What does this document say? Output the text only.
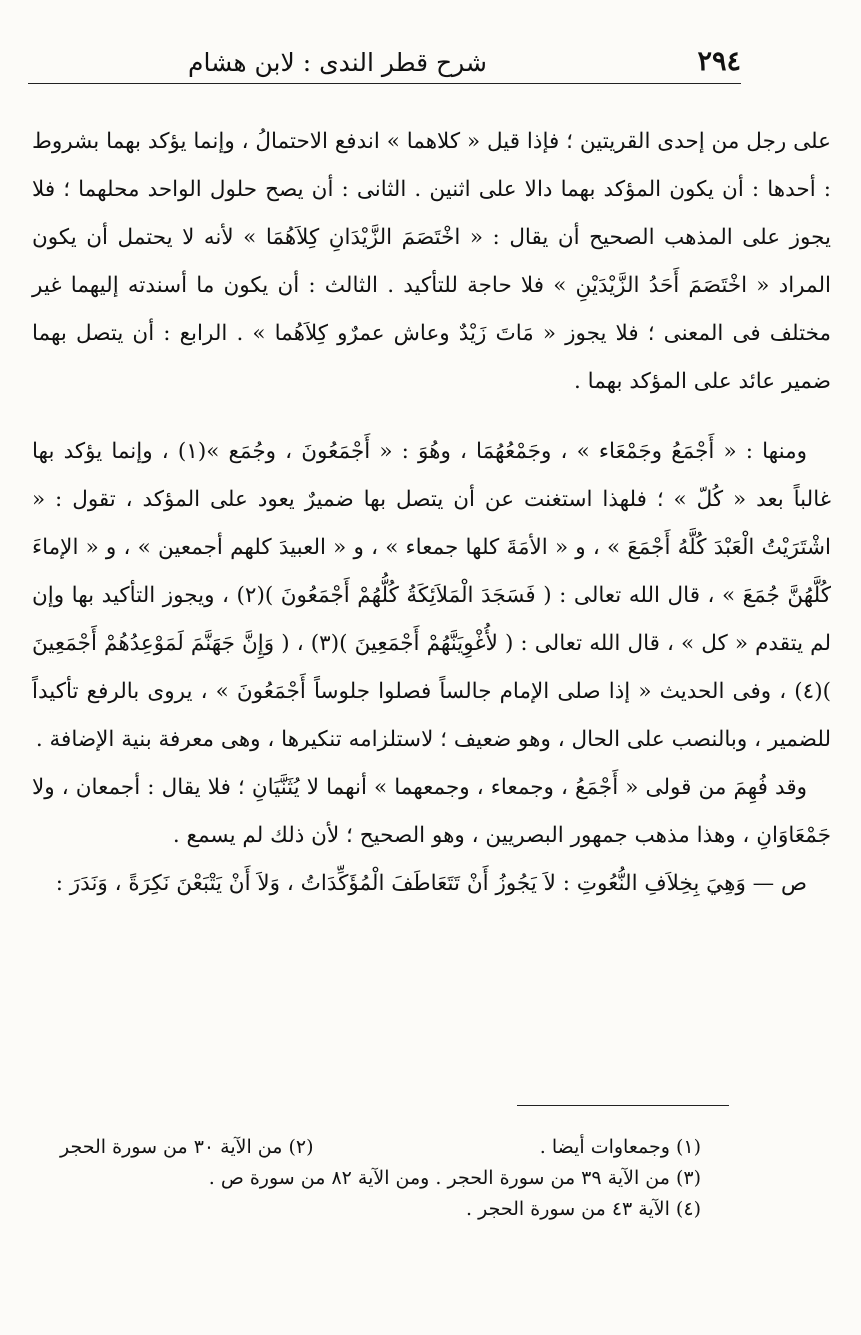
٢٩٤
شرح قطر الندى : لابن هشام

على رجل من إحدى القريتين ؛ فإذا قيل « كلاهما » اندفع الاحتمالُ ، وإنما يؤكد بهما بشروط : أحدها : أن يكون المؤكد بهما دالا على اثنين . الثانى : أن يصح حلول الواحد محلهما ؛ فلا يجوز على المذهب الصحيح أن يقال : « اخْتَصَمَ الزَّيْدَانِ كِلاَهُمَا » لأنه لا يحتمل أن يكون المراد « اخْتَصَمَ أَحَدُ الزَّيْدَيْنِ » فلا حاجة للتأكيد . الثالث : أن يكون ما أسندته إليهما غير مختلف فى المعنى ؛ فلا يجوز « مَاتَ زَيْدٌ وعاش عمرٌو كِلاَهُما » . الرابع : أن يتصل بهما ضمير عائد على المؤكد بهما .

ومنها : « أَجْمَعُ وجَمْعَاء » ، وجَمْعُهُمَا ، وهُوَ : « أَجْمَعُونَ ، وجُمَع »(١) ، وإنما يؤكد بها غالباً بعد « كُلّ » ؛ فلهذا استغنت عن أن يتصل بها ضميرٌ يعود على المؤكد ، تقول : « اشْتَرَيْتُ الْعَبْدَ كُلَّهُ أَجْمَعَ » ، و « الأمَةَ كلها جمعاء » ، و « العبيدَ كلهم أجمعين » ، و « الإماءَ كُلَّهُنَّ جُمَعَ » ، قال الله تعالى : ( فَسَجَدَ الْمَلاَئِكَةُ كُلُّهُمْ أَجْمَعُونَ )(٢) ، ويجوز التأكيد بها وإن لم يتقدم « كل » ، قال الله تعالى : ( لأُغْوِيَنَّهُمْ أَجْمَعِينَ )(٣) ، ( وَإِنَّ جَهَنَّمَ لَمَوْعِدُهُمْ أَجْمَعِينَ )(٤) ، وفى الحديث « إذا صلى الإمام جالساً فصلوا جلوساً أَجْمَعُونَ » ، يروى بالرفع تأكيداً للضمير ، وبالنصب على الحال ، وهو ضعيف ؛ لاستلزامه تنكيرها ، وهى معرفة بنية الإضافة .

وقد فُهِمَ من قولى « أَجْمَعُ ، وجمعاء ، وجمعهما » أنهما لا يُثَنَّيَانِ ؛ فلا يقال : أجمعان ، ولا جَمْعَاوَانِ ، وهذا مذهب جمهور البصريين ، وهو الصحيح ؛ لأن ذلك لم يسمع .

ص — وَهِيَ بِخِلاَفِ النُّعُوتِ : لاَ يَجُوزُ أَنْ تَتَعَاطَفَ الْمُؤَكِّدَاتُ ، وَلاَ أَنْ يَتْبَعْنَ نَكِرَةً ، وَنَدَرَ :

(١) وجمعاوات أيضا .
(٢) من الآية ٣٠ من سورة الحجر
(٣) من الآية ٣٩ من سورة الحجر . ومن الآية ٨٢ من سورة ص .
(٤) الآية ٤٣ من سورة الحجر .
